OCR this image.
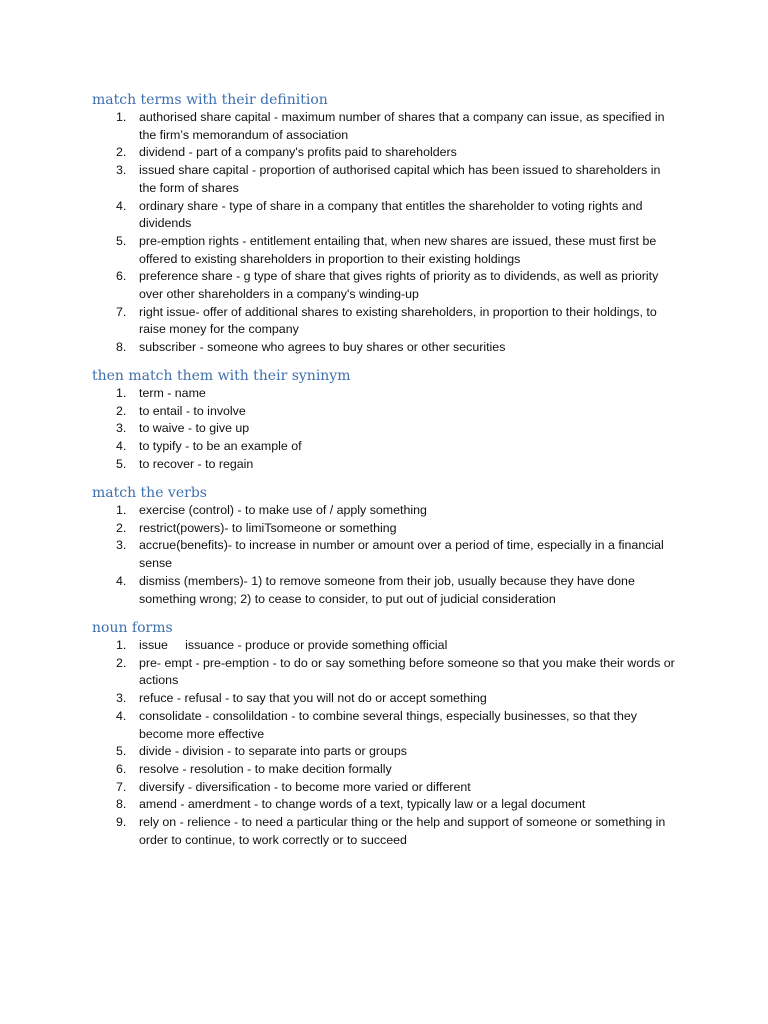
match terms with their definition
1.	authorised share capital - maximum number of shares that a company can issue, as specified in the firm’s memorandum of association
2.	dividend - part of a company's profits paid to shareholders
3.	issued share capital - proportion of authorised capital which has been issued to shareholders in the form of shares
4.	ordinary share - type of share in a company that entitles the shareholder to voting rights and dividends
5.	pre-emption rights - entitlement entailing that, when new shares are issued, these must first be offered to existing shareholders in proportion to their existing holdings
6.	preference share - g type of share that gives rights of priority as to dividends, as well as priority over other shareholders in a company's winding-up
7.	right issue- offer of additional shares to existing shareholders, in proportion to their holdings, to raise money for the company
8.	subscriber - someone who agrees to buy shares or other securities
then match them with their syninym
1.	term - name
2.	to entail - to involve
3.	to waive - to give up
4.	to typify - to be an example of
5.	to recover - to regain
match the verbs
1.	exercise (control) - to make use of / apply something
2.	restrict(powers)- to limiTsomeone or something
3.	accrue(benefits)- to increase in number or amount over a period of time, especially in a financial sense
4.	dismiss (members)- 1) to remove someone from their job, usually because they have done something wrong; 2) to cease to consider, to put out of judicial consideration
noun forms
1.	issue     issuance - produce or provide something official
2.	pre- empt - pre-emption - to do or say something before someone so that you make their words or actions
3.	refuce - refusal - to say that you will not do or accept something
4.	consolidate - consolildation - to combine several things, especially businesses, so that they become more effective
5.	divide - division - to separate into parts or groups
6.	resolve - resolution - to make decition formally
7.	diversify - diversification - to become more varied or different
8.	amend - amerdment - to change words of a text, typically law or a legal document
9.	rely on - relience - to need a particular thing or the help and support of someone or something in order to continue, to work correctly or to succeed
